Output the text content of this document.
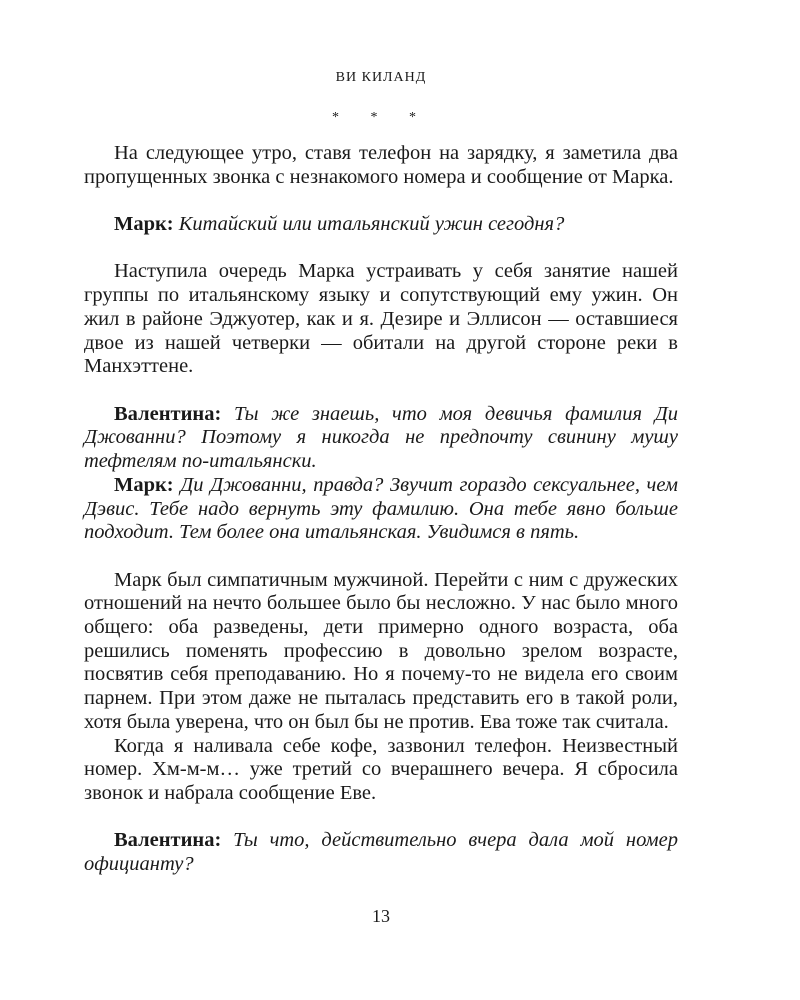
ВИ КИЛАНД
* * *

На следующее утро, ставя телефон на зарядку, я заметила два пропущенных звонка с незнакомого номера и сообщение от Марка.

Марк: Китайский или итальянский ужин сегодня?

Наступила очередь Марка устраивать у себя занятие нашей группы по итальянскому языку и сопутствующий ему ужин. Он жил в районе Эджуотер, как и я. Дезире и Эллисон — оставшиеся двое из нашей четверки — обитали на другой стороне реки в Манхэттене.

Валентина: Ты же знаешь, что моя девичья фамилия Ди Джованни? Поэтому я никогда не предпочту свинину мушу тефтелям по-итальянски.

Марк: Ди Джованни, правда? Звучит гораздо сексуальнее, чем Дэвис. Тебе надо вернуть эту фамилию. Она тебе явно больше подходит. Тем более она итальянская. Увидимся в пять.

Марк был симпатичным мужчиной. Перейти с ним с дружеских отношений на нечто большее было бы несложно. У нас было много общего: оба разведены, дети примерно одного возраста, оба решились поменять профессию в довольно зрелом возрасте, посвятив себя преподаванию. Но я почему-то не видела его своим парнем. При этом даже не пыталась представить его в такой роли, хотя была уверена, что он был бы не против. Ева тоже так считала.

Когда я наливала себе кофе, зазвонил телефон. Неизвестный номер. Хм-м-м… уже третий со вчерашнего вечера. Я сбросила звонок и набрала сообщение Еве.

Валентина: Ты что, действительно вчера дала мой номер официанту?

13
